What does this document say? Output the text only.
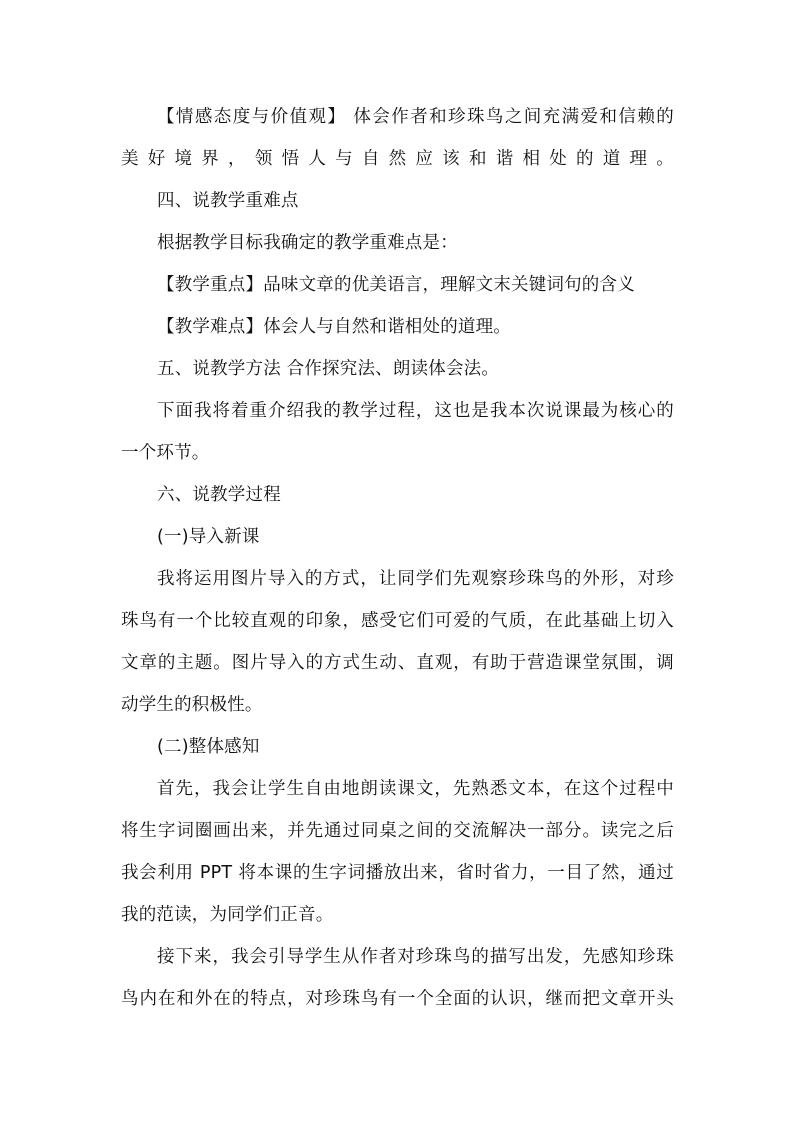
【情感态度与价值观】 体会作者和珍珠鸟之间充满爱和信赖的
美好境界，领悟人与自然应该和谐相处的道理。
四、说教学重难点
根据教学目标我确定的教学重难点是：
【教学重点】品味文章的优美语言，理解文末关键词句的含义
【教学难点】体会人与自然和谐相处的道理。
五、说教学方法 合作探究法、朗读体会法。
下面我将着重介绍我的教学过程，这也是我本次说课最为核心的
一个环节。
六、说教学过程
(一)导入新课
我将运用图片导入的方式，让同学们先观察珍珠鸟的外形，对珍
珠鸟有一个比较直观的印象，感受它们可爱的气质，在此基础上切入
文章的主题。图片导入的方式生动、直观，有助于营造课堂氛围，调
动学生的积极性。
(二)整体感知
首先，我会让学生自由地朗读课文，先熟悉文本，在这个过程中
将生字词圈画出来，并先通过同桌之间的交流解决一部分。读完之后
我会利用 PPT 将本课的生字词播放出来，省时省力，一目了然，通过
我的范读，为同学们正音。
接下来，我会引导学生从作者对珍珠鸟的描写出发，先感知珍珠
鸟内在和外在的特点，对珍珠鸟有一个全面的认识，继而把文章开头
